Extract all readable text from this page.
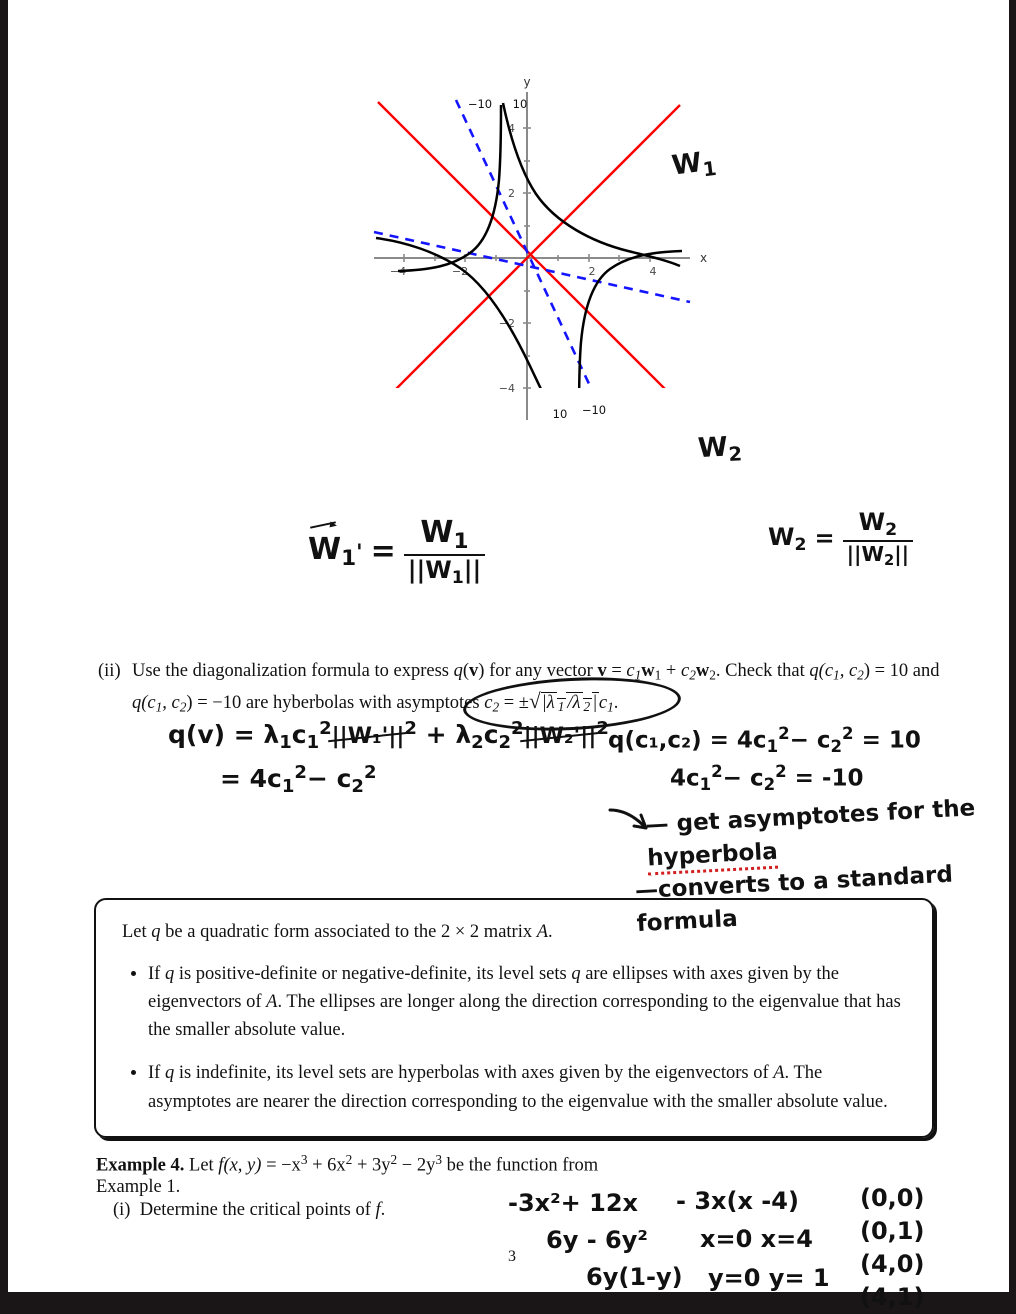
−4	−2	2	4
4
2
−2
−4
x
y
−10 10
10 −10
$W_1$
$W_2$
$W_1' = \frac{W_1}{||W_1||}$	$W_2 = \frac{W_2}{||W_2||}$
(ii) Use the diagonalization formula to express q(v) for any vector $v = c_1w_1 + c_2w_2$. Check that $q(c_1$, $c_2) = 10$ and $q(c_1$, $c_2) = -10$ are hyberbolas with asymptotes $c_2 = \pm√|\lambda$ $_1$ /λ $_2$ | $c_1$.
$q(v) = \lambda_1c_1^2||W_1'||^2 + \lambda_2c_2^2||W_2'||^2$
= $4c_1^2- c_2^2$
$q(c_1,c_2) = 4c_1^2- c_2^2 = 10$
$4c_1^2- c_2^2 = -10$
— get asymptotes for the
hyperbola
—converts to a standard formula
Let q be a quadratic form associated to the 2 × 2 matrix A.
• If q is positive-definite or negative-definite, its level sets q are ellipses with axes given by the eigenvectors of A. The ellipses are longer along the direction corresponding to the eigenvalue that has the smaller absolute value.
• If q is indefinite, its level sets are hyperbolas with axes given by the eigenvectors of A. The asymptotes are nearer the direction corresponding to the eigenvalue with the smaller absolute value.
Example 4. Let f(x, $y) = -x^3 + 6x^2 + 3y^2 - 2y^3$ be the function from Example 1.
(i) Determine the critical points of f.	-3x²+ 12x
6y - 6y²
6y(1-y)
3
- 3x(x -4)
x=0 x=4
y=0 y= 1
(0,0)
(0,1)
(4,0)
(4,1)
